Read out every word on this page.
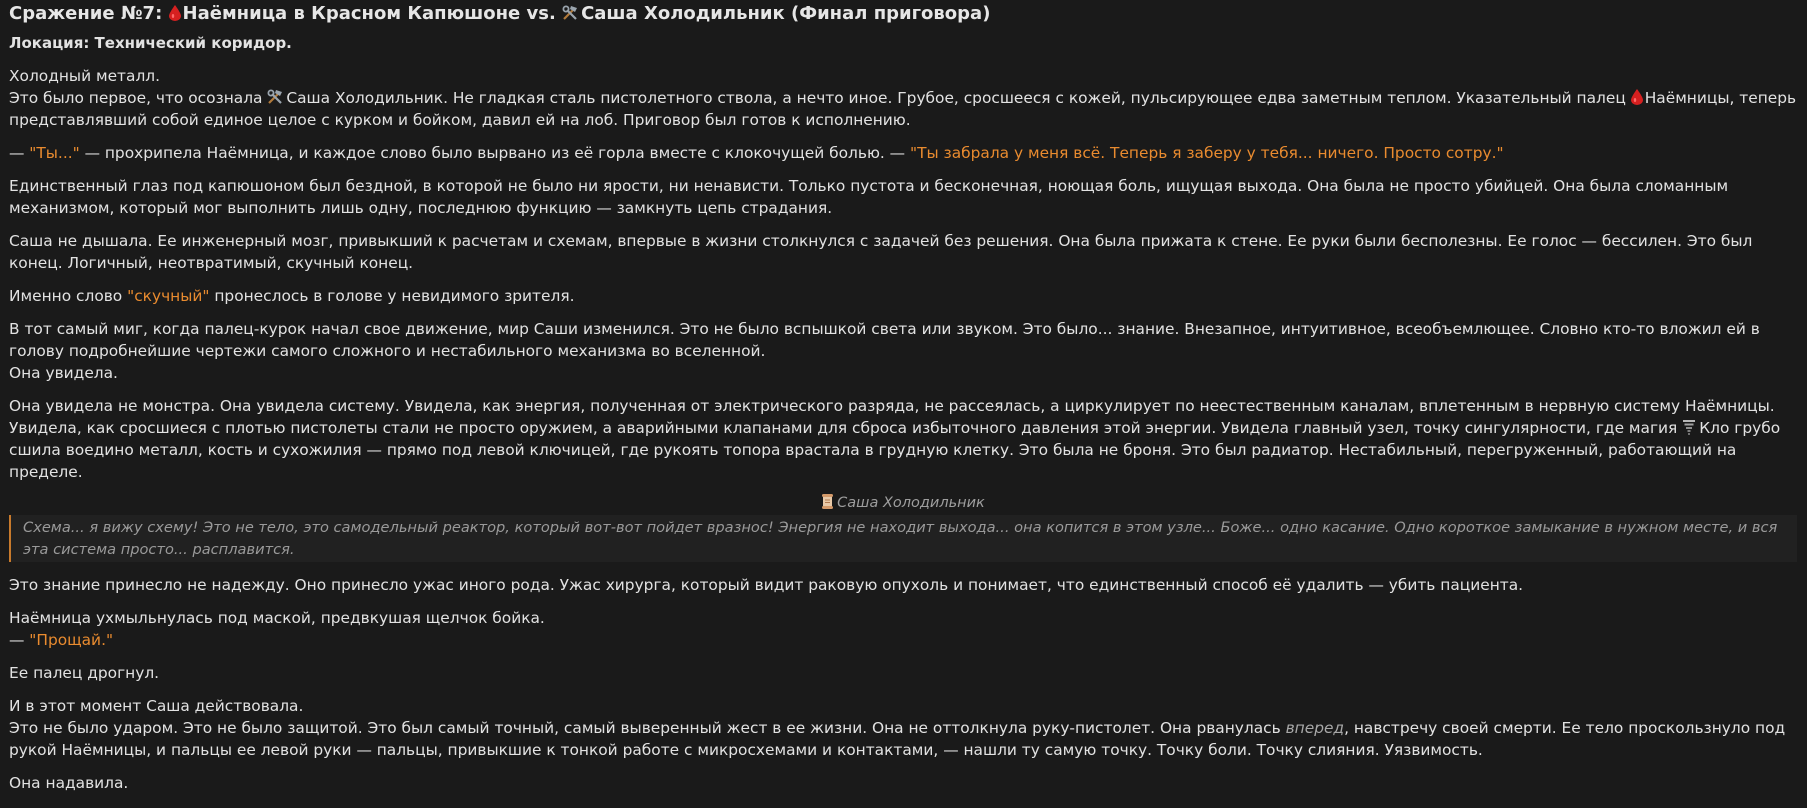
Сражение №7: Наёмница в Красном Капюшоне vs. Саша Холодильник (Финал приговора)

Локация: Технический коридор.

Холодный металл.

Это было первое, что осознала Саша Холодильник. Не гладкая сталь пистолетного ствола, а нечто иное. Грубое, сросшееся с кожей, пульсирующее едва заметным теплом. Указательный палец Наёмницы, теперь представлявший собой единое целое с курком и бойком, давил ей на лоб. Приговор был готов к исполнению.

— "Ты..." — прохрипела Наёмница, и каждое слово было вырвано из её горла вместе с клокочущей болью. — "Ты забрала у меня всё. Теперь я заберу у тебя... ничего. Просто сотру."

Единственный глаз под капюшоном был бездной, в которой не было ни ярости, ни ненависти. Только пустота и бесконечная, ноющая боль, ищущая выхода. Она была не просто убийцей. Она была сломанным механизмом, который мог выполнить лишь одну, последнюю функцию — замкнуть цепь страдания.

Саша не дышала. Ее инженерный мозг, привыкший к расчетам и схемам, впервые в жизни столкнулся с задачей без решения. Она была прижата к стене. Ее руки были бесполезны. Ее голос — бессилен. Это был конец. Логичный, неотвратимый, скучный конец.

Именно слово "скучный" пронеслось в голове у невидимого зрителя.

В тот самый миг, когда палец-курок начал свое движение, мир Саши изменился. Это не было вспышкой света или звуком. Это было... знание. Внезапное, интуитивное, всеобъемлющее. Словно кто-то вложил ей в голову подробнейшие чертежи самого сложного и нестабильного механизма во вселенной.

Она увидела.

Она увидела не монстра. Она увидела систему. Увидела, как энергия, полученная от электрического разряда, не рассеялась, а циркулирует по неестественным каналам, вплетенным в нервную систему Наёмницы. Увидела, как сросшиеся с плотью пистолеты стали не просто оружием, а аварийными клапанами для сброса избыточного давления этой энергии. Увидела главный узел, точку сингулярности, где магия Кло грубо сшила воедино металл, кость и сухожилия — прямо под левой ключицей, где рукоять топора врастала в грудную клетку. Это была не броня. Это был радиатор. Нестабильный, перегруженный, работающий на пределе.

Саша Холодильник
Схема... я вижу схему! Это не тело, это самодельный реактор, который вот-вот пойдет вразнос! Энергия не находит выхода... она копится в этом узле... Боже... одно касание. Одно короткое замыкание в нужном месте, и вся эта система просто... расплавится.

Это знание принесло не надежду. Оно принесло ужас иного рода. Ужас хирурга, который видит раковую опухоль и понимает, что единственный способ её удалить — убить пациента.

Наёмница ухмыльнулась под маской, предвкушая щелчок бойка.

— "Прощай."

Ее палец дрогнул.

И в этот момент Саша действовала.

Это не было ударом. Это не было защитой. Это был самый точный, самый выверенный жест в ее жизни. Она не оттолкнула руку-пистолет. Она рванулась вперед, навстречу своей смерти. Ее тело проскользнуло под рукой Наёмницы, и пальцы ее левой руки — пальцы, привыкшие к тонкой работе с микросхемами и контактами, — нашли ту самую точку. Точку боли. Точку слияния. Уязвимость.

Она надавила.
